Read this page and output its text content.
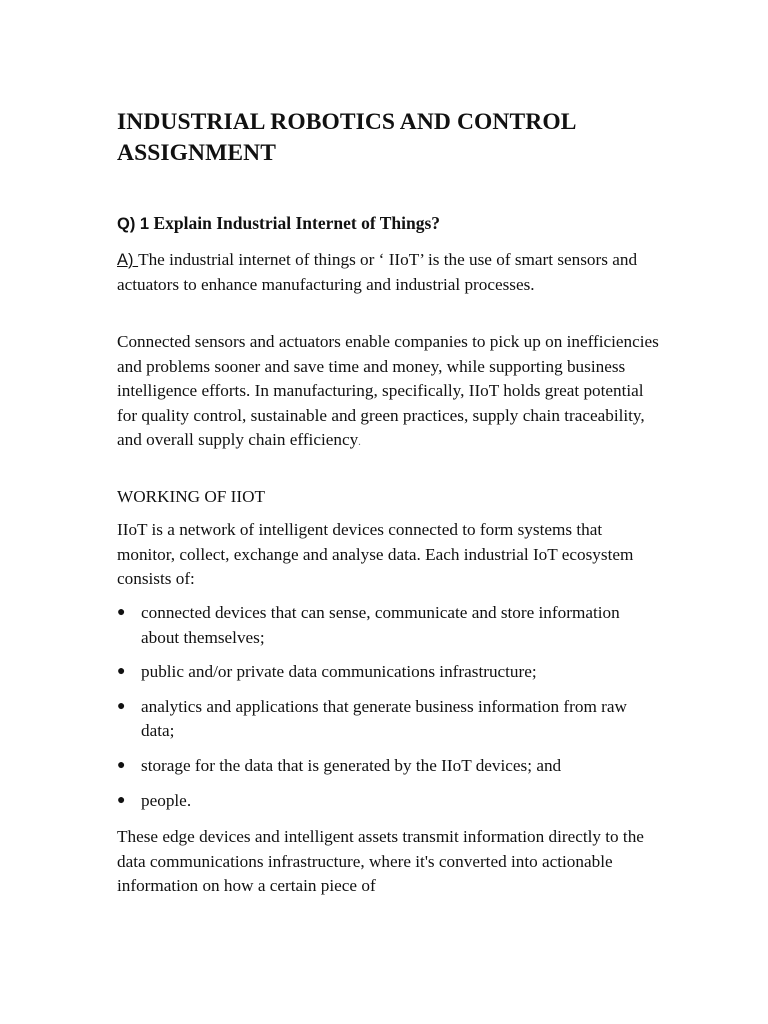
INDUSTRIAL ROBOTICS AND CONTROL ASSIGNMENT

Q) 1 Explain Industrial Internet of Things?

A) The industrial internet of things or ‘ IIoT’ is the use of smart sensors and actuators to enhance manufacturing and industrial processes.

Connected sensors and actuators enable companies to pick up on inefficiencies and problems sooner and save time and money, while supporting business intelligence efforts. In manufacturing, specifically, IIoT holds great potential for quality control, sustainable and green practices, supply chain traceability, and overall supply chain efficiency.

WORKING OF IIOT

IIoT is a network of intelligent devices connected to form systems that monitor, collect, exchange and analyse data. Each industrial IoT ecosystem consists of:

● connected devices that can sense, communicate and store information about themselves;
● public and/or private data communications infrastructure;
● analytics and applications that generate business information from raw data;
● storage for the data that is generated by the IIoT devices; and
● people.

These edge devices and intelligent assets transmit information directly to the data communications infrastructure, where it's converted into actionable information on how a certain piece of
